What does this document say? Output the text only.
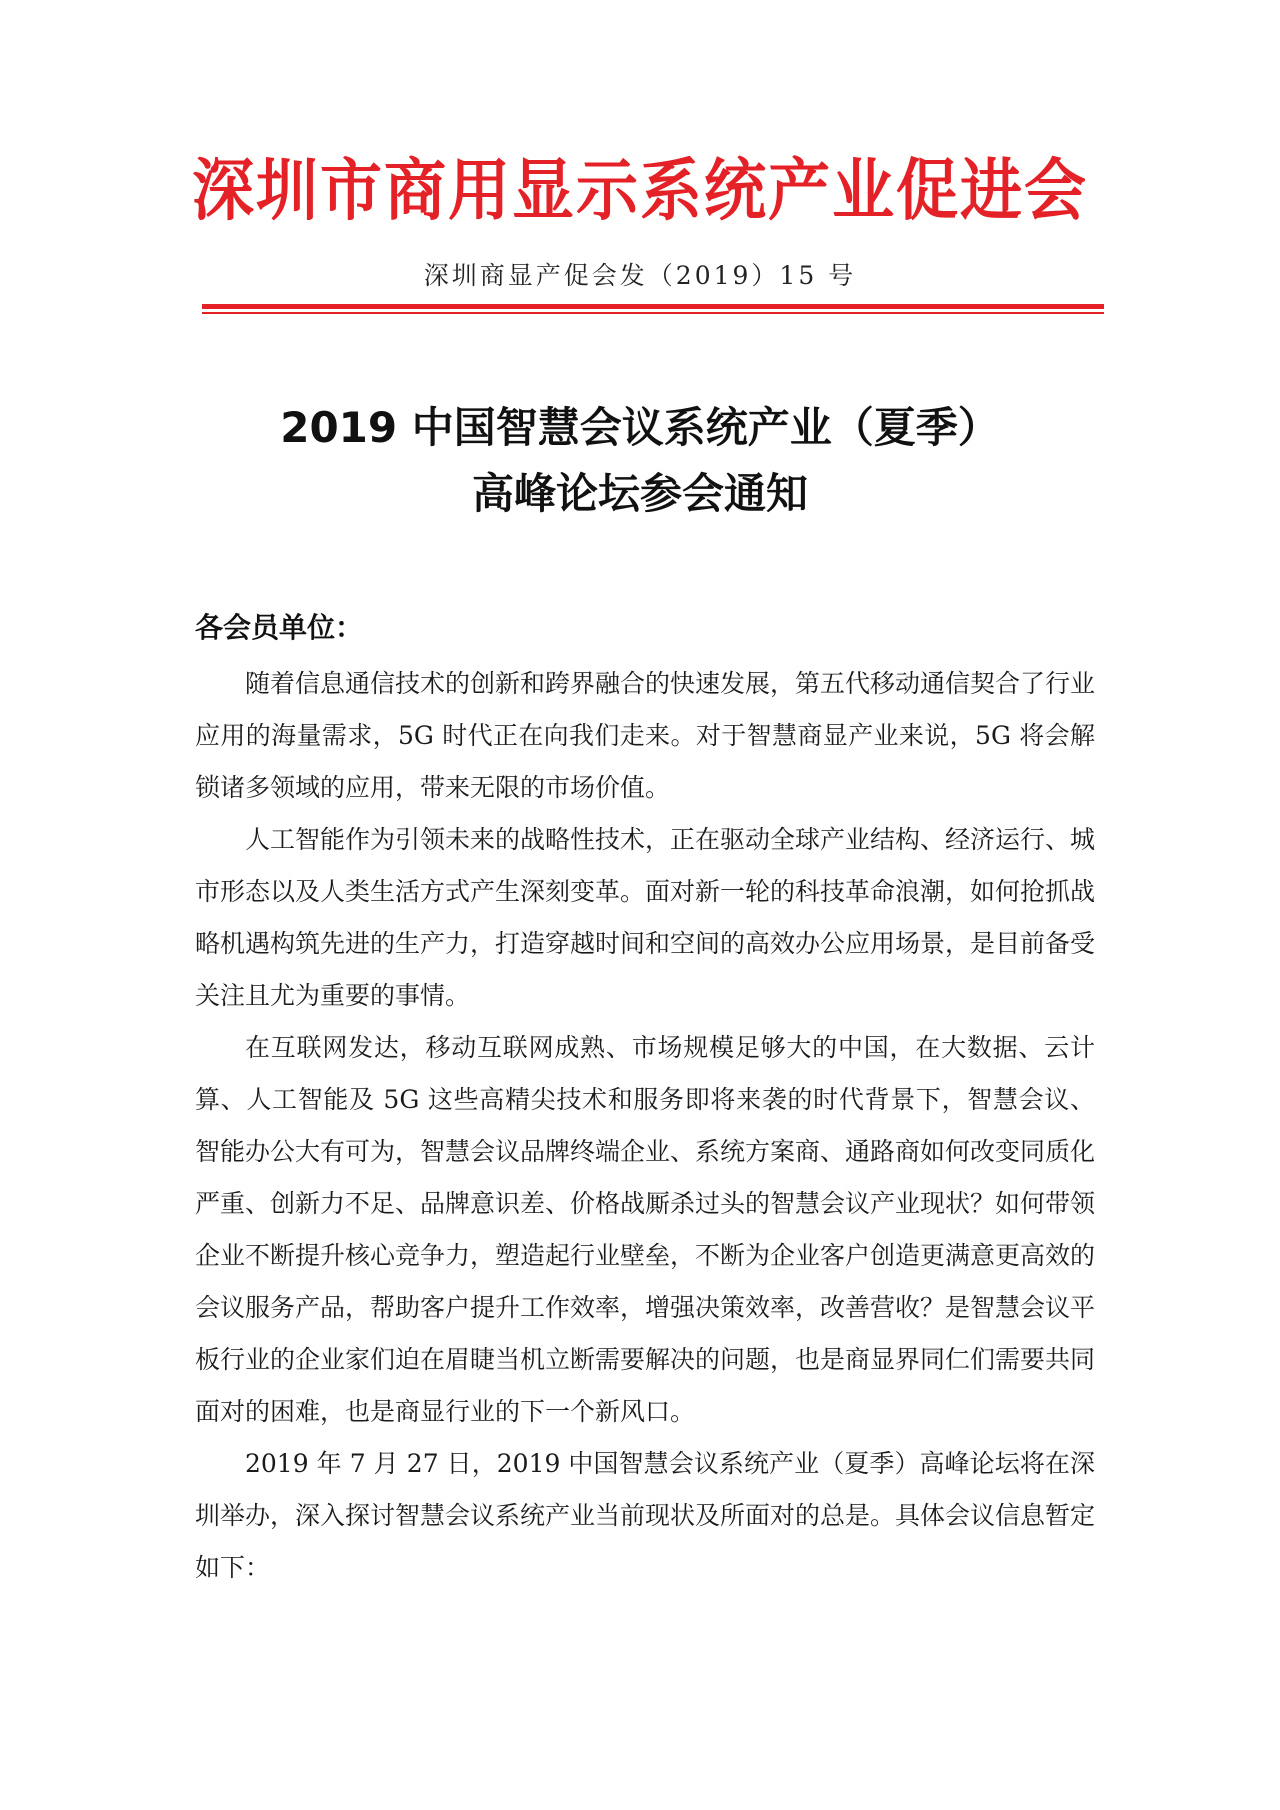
深圳市商用显示系统产业促进会
深圳商显产促会发（2019）15 号
2019 中国智慧会议系统产业（夏季）
高峰论坛参会通知
各会员单位：

随着信息通信技术的创新和跨界融合的快速发展，第五代移动通信契合了行业应用的海量需求，5G 时代正在向我们走来。对于智慧商显产业来说，5G 将会解锁诸多领域的应用，带来无限的市场价值。

人工智能作为引领未来的战略性技术，正在驱动全球产业结构、经济运行、城市形态以及人类生活方式产生深刻变革。面对新一轮的科技革命浪潮，如何抢抓战略机遇构筑先进的生产力，打造穿越时间和空间的高效办公应用场景，是目前备受关注且尤为重要的事情。

在互联网发达，移动互联网成熟、市场规模足够大的中国，在大数据、云计算、人工智能及 5G 这些高精尖技术和服务即将来袭的时代背景下，智慧会议、智能办公大有可为，智慧会议品牌终端企业、系统方案商、通路商如何改变同质化严重、创新力不足、品牌意识差、价格战厮杀过头的智慧会议产业现状？如何带领企业不断提升核心竞争力，塑造起行业壁垒，不断为企业客户创造更满意更高效的会议服务产品，帮助客户提升工作效率，增强决策效率，改善营收？是智慧会议平板行业的企业家们迫在眉睫当机立断需要解决的问题，也是商显界同仁们需要共同面对的困难，也是商显行业的下一个新风口。

2019 年 7 月 27 日，2019 中国智慧会议系统产业（夏季）高峰论坛将在深圳举办，深入探讨智慧会议系统产业当前现状及所面对的总是。具体会议信息暂定如下：
